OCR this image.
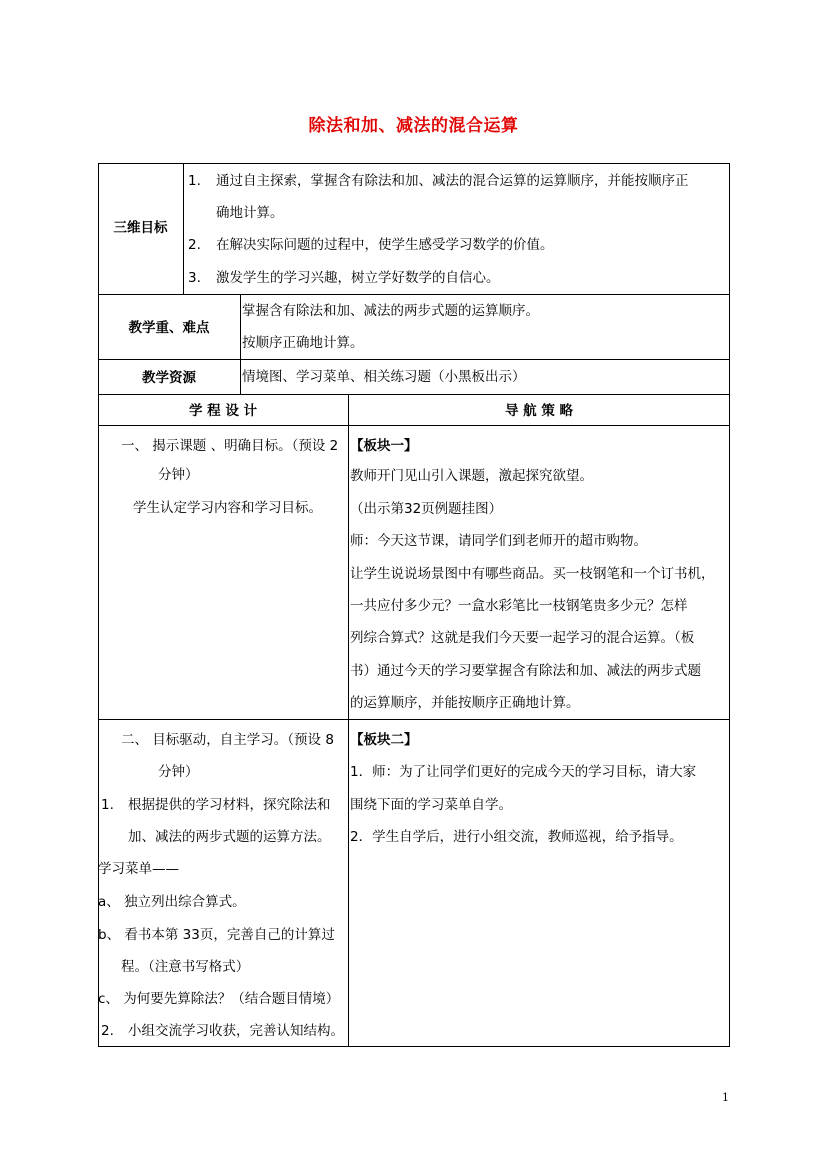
除法和加、减法的混合运算
三维目标
1. 通过自主探索，掌握含有除法和加、减法的混合运算的运算顺序，并能按顺序正
确地计算。
2. 在解决实际问题的过程中，使学生感受学习数学的价值。
3. 激发学生的学习兴趣，树立学好数学的自信心。
教学重、难点
掌握含有除法和加、减法的两步式题的运算顺序。
按顺序正确地计算。
教学资源	情境图、学习菜单、相关练习题（小黑板出示）
学 程 设 计	导 航 策 略
一、 揭示课题 、明确目标。（预设 2
分钟）
学生认定学习内容和学习目标。
【板块一】
教师开门见山引入课题，激起探究欲望。
（出示第32页例题挂图）
师：今天这节课，请同学们到老师开的超市购物。
让学生说说场景图中有哪些商品。买一枝钢笔和一个订书机，
一共应付多少元？一盒水彩笔比一枝钢笔贵多少元？怎样
列综合算式？这就是我们今天要一起学习的混合运算。（板
书）通过今天的学习要掌握含有除法和加、减法的两步式题
的运算顺序，并能按顺序正确地计算。
二、 目标驱动，自主学习。（预设 8
分钟）
1. 根据提供的学习材料，探究除法和
加、减法的两步式题的运算方法。
学习菜单——
a、 独立列出综合算式。
b、 看书本第 33页，完善自己的计算过
程。（注意书写格式）
c、 为何要先算除法？（结合题目情境）
2. 小组交流学习收获，完善认知结构。
【板块二】
1．师：为了让同学们更好的完成今天的学习目标，请大家
围绕下面的学习菜单自学。
2．学生自学后，进行小组交流，教师巡视，给予指导。
1
